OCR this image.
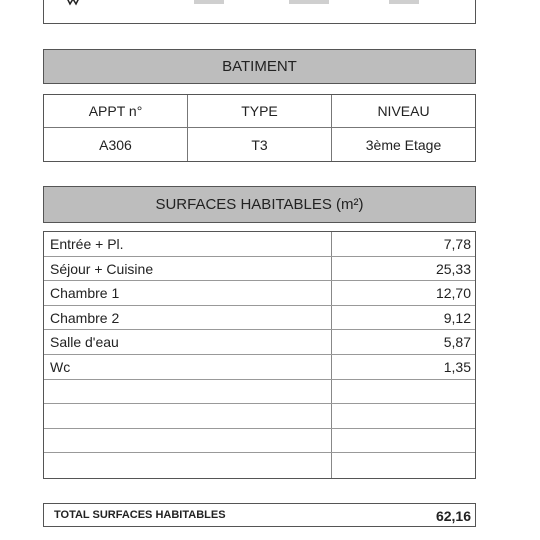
BATIMENT
APPT n°	TYPE	NIVEAU
A306	T3	3ème Etage
SURFACES HABITABLES (m²)
Entrée + Pl.	7,78
Séjour + Cuisine	25,33
Chambre 1	12,70
Chambre 2	9,12
Salle d'eau	5,87
Wc	1,35
TOTAL SURFACES HABITABLES	62,16
